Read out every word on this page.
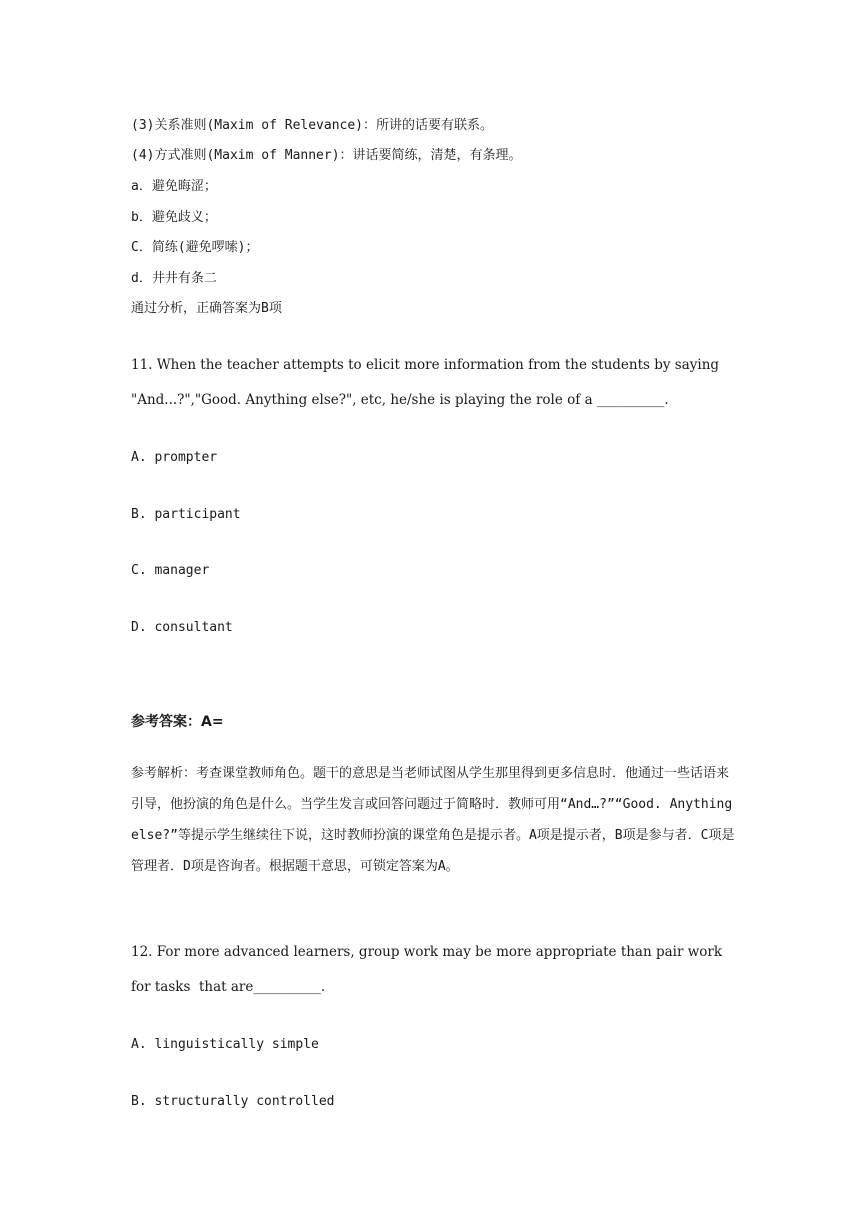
(3)关系准则(Maxim of Relevance)：所讲的话要有联系。

(4)方式准则(Maxim of Manner)：讲话要简练，清楚，有条理。

a．避免晦涩；

b．避免歧义；

C．简练(避免啰嗦)；

d．井井有条二

通过分析，正确答案为B项

11. When the teacher attempts to elicit more information from the students by saying

"And...?","Good. Anything else?", etc, he/she is playing the role of a __________.

A. prompter

B. participant

C. manager

D. consultant

参考答案：A=

参考解析：考查课堂教师角色。题干的意思是当老师试图从学生那里得到更多信息时．他通过一些话语来引导，他扮演的角色是什么。当学生发言或回答问题过于简略时．教师可用“And…?”“Good. Anything else?”等提示学生继续往下说，这时教师扮演的课堂角色是提示者。A项是提示者，B项是参与者．C项是管理者．D项是咨询者。根据题干意思，可锁定答案为A。

12. For more advanced learners, group work may be more appropriate than pair work

for tasks  that are__________.

A. linguistically simple

B. structurally controlled
